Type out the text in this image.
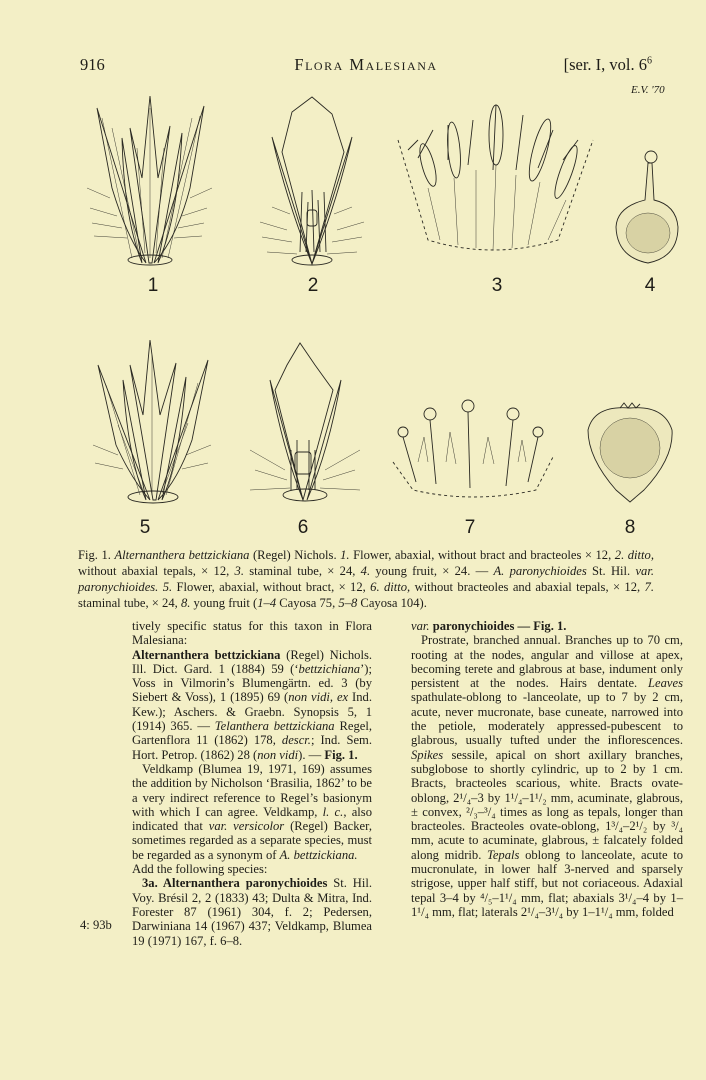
916	Flora Malesiana	[ser. I, vol. $6^6$
E.V. '70
1	2	3	4
5	6	7	8
Fig. 1. Alternanthera bettzickiana (Regel) Nichols. 1. Flower, abaxial, without bract and bracteoles × 12, 2. ditto, without abaxial tepals, × 12, 3. staminal tube, × 24, 4. young fruit, × 24. — A. paronychioides St. Hil. var. paronychioides. 5. Flower, abaxial, without bract, × 12, 6. ditto, without bracteoles and abaxial tepals, × 12, 7. staminal tube, × 24, 8. young fruit (1–4 Cayosa 75, 5–8 Cayosa 104).

tively specific status for this taxon in Flora Malesiana:

Alternanthera bettzickiana (Regel) Nichols. Ill. Dict. Gard. 1 (1884) 59 (‘bettzichiana’); Voss in Vilmorin’s Blumengärtn. ed. 3 (by Siebert & Voss), 1 (1895) 69 (non vidi, ex Ind. Kew.); Aschers. & Graebn. Synopsis 5, 1 (1914) 365. — Telanthera bettzickiana Regel, Gartenflora 11 (1862) 178, descr.; Ind. Sem. Hort. Petrop. (1862) 28 (non vidi). — Fig. 1.

Veldkamp (Blumea 19, 1971, 169) assumes the addition by Nicholson ‘Brasilia, 1862’ to be a very indirect reference to Regel’s basionym with which I can agree. Veldkamp, l. c., also indicated that var. versicolor (Regel) Backer, sometimes regarded as a separate species, must be regarded as a synonym of A. bettzickiana.

Add the following species:

3a. Alternanthera paronychioides St. Hil. Voy. Brésil 2, 2 (1833) 43; Dulta & Mitra, Ind. Forester 87 (1961) 304, f. 2; Pedersen, Darwiniana 14 (1967) 437; Veldkamp, Blumea 19 (1971) 167, f. 6–8.

4: 93b

var. paronychioides — Fig. 1.

Prostrate, branched annual. Branches up to 70 cm, rooting at the nodes, angular and villose at apex, becoming terete and glabrous at base, indument only persistent at the nodes. Hairs dentate. Leaves spathulate-oblong to -lanceolate, up to 7 by 2 cm, acute, never mucronate, base cuneate, narrowed into the petiole, moderately appressed-pubescent to glabrous, usually tufted under the inflorescences. Spikes sessile, apical on short axillary branches, subglobose to shortly cylindric, up to 2 by 1 cm. Bracts, bracteoles scarious, white. Bracts ovate-oblong, 2¹/₄–3 by 1¹/₄–1¹/₂ mm, acuminate, glabrous, ± convex, ²/₃–³/₄ times as long as tepals, longer than bracteoles. Bracteoles ovate-oblong, 1³/₄–2¹/₂ by ³/₄ mm, acute to acuminate, glabrous, ± falcately folded along midrib. Tepals oblong to lanceolate, acute to mucronulate, in lower half 3-nerved and sparsely strigose, upper half stiff, but not coriaceous. Adaxial tepal 3–4 by ⁴/₅–1¹/₄ mm, flat; abaxials 3¹/₄–4 by 1–1¹/₄ mm, flat; laterals 2¹/₄–3¹/₄ by 1–1¹/₄ mm, folded
